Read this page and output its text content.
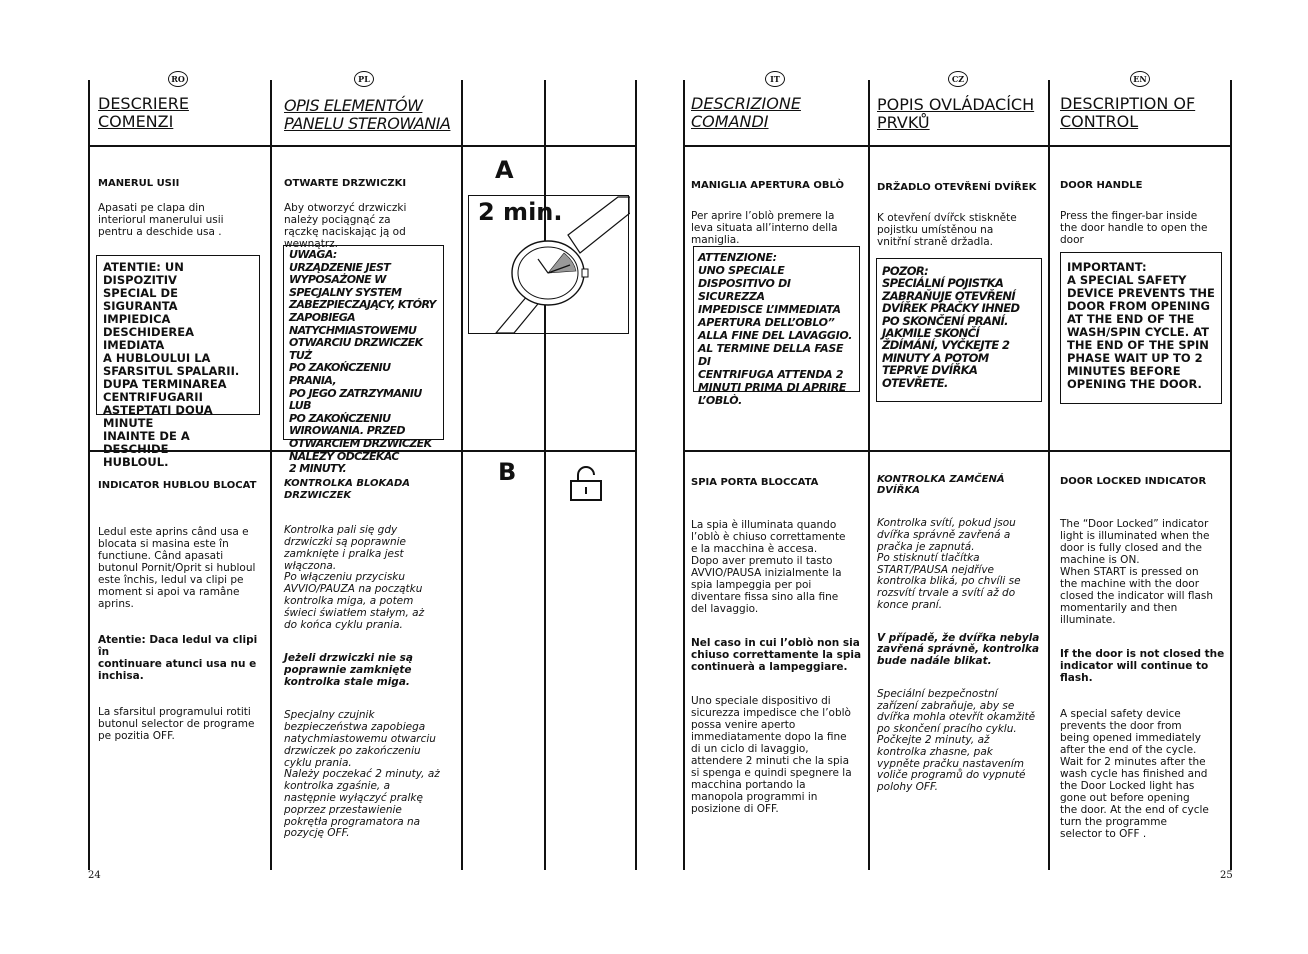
RO	PL	IT	CZ	EN
DESCRIERE
COMENZI
OPIS ELEMENTÓW
PANELU STEROWANIA
DESCRIZIONE
COMANDI
POPIS OVLÁDACÍCH
PRVKŮ
DESCRIPTION OF
CONTROL

MANERUL USII

Apasati pe clapa din
interiorul manerului usii
pentru a deschide usa .

ATENTIE: UN DISPOZITIV
SPECIAL DE SIGURANTA
IMPIEDICA
DESCHIDEREA IMEDIATA
A HUBLOULUI LA
SFARSITUL SPALARII.
DUPA TERMINAREA
CENTRIFUGARII
ASTEPTATI DOUA MINUTE
INAINTE DE A DESCHIDE
HUBLOUL.

OTWARTE DRZWICZKI

Aby otworzyć drzwiczki
należy pociągnąć za
rączkę naciskając ją od
wewnątrz.

UWAGA:
URZĄDZENIE JEST
WYPOSAŻONE W
SPECJALNY SYSTEM
ZABEZPIECZAJĄCY, KTÓRY
ZAPOBIEGA
NATYCHMIASTOWEMU
OTWARCIU DRZWICZEK TUŻ
PO ZAKOŃCZENIU PRANIA,
PO JEGO ZATRZYMANIU LUB
PO ZAKOŃCZENIU
WIROWANIA. PRZED
OTWARCIEM DRZWICZEK
NALEŻY ODCZEKAĆ
2 MINUTY.
A
2 min.

MANIGLIA APERTURA OBLÒ

Per aprire l’oblò premere la
leva situata all’interno della
maniglia.

ATTENZIONE:
UNO SPECIALE
DISPOSITIVO DI SICUREZZA
IMPEDISCE L’IMMEDIATA
APERTURA DELL’OBLO”
ALLA FINE DEL LAVAGGIO.
AL TERMINE DELLA FASE DI
CENTRIFUGA ATTENDA 2
MINUTI PRIMA DI APRIRE
L’OBLÒ.

DRŽADLO OTEVŘENÍ DVÍŘEK

K otevření dvířck stiskněte
pojistku umístěnou na
vnitřní straně držadla.

POZOR:
SPECIÁLNÍ POJISTKA
ZABRAŇUJE OTEVŘENÍ
DVÍŘEK PRAČKY IHNED
PO SKONČENÍ PRANÍ.
JAKMILE SKONČÍ
ŽDÍMÁNÍ, VYČKEJTE 2
MINUTY A POTOM
TEPRVE DVÍŘKA
OTEVŘETE.

DOOR HANDLE

Press the finger-bar inside
the door handle to open the
door

IMPORTANT:
A SPECIAL SAFETY
DEVICE PREVENTS THE
DOOR FROM OPENING
AT THE END OF THE
WASH/SPIN CYCLE. AT
THE END OF THE SPIN
PHASE WAIT UP TO 2
MINUTES BEFORE
OPENING THE DOOR.

INDICATOR HUBLOU BLOCAT

Ledul este aprins când usa e
blocata si masina este în
functiune. Când apasati
butonul Pornit/Oprit si hubloul
este închis, ledul va clipi pe
moment si apoi va ramâne
aprins.

Atentie: Daca ledul va clipi în
continuare atunci usa nu e
inchisa.

La sfarsitul programului rotiti
butonul selector de programe
pe pozitia OFF.

KONTROLKA BLOKADA
DRZWICZEK

Kontrolka pali się gdy
drzwiczki są poprawnie
zamknięte i pralka jest
włączona.
Po włączeniu przycisku
AVVIO/PAUZA na początku
kontrolka miga, a potem
świeci światłem stałym, aż
do końca cyklu prania.

Jeżeli drzwiczki nie są
poprawnie zamknięte
kontrolka stale miga.

Specjalny czujnik
bezpieczeństwa zapobiega
natychmiastowemu otwarciu
drzwiczek po zakończeniu
cyklu prania.
Należy poczekać 2 minuty, aż
kontrolka zgaśnie, a
następnie wyłączyć pralkę
poprzez przestawienie
pokrętła programatora na
pozycję OFF.

B	SPIA PORTA BLOCCATA

La spia è illuminata quando
l’oblò è chiuso correttamente
e la macchina è accesa.
Dopo aver premuto il tasto
AVVIO/PAUSA inizialmente la
spia lampeggia per poi
diventare fissa sino alla fine
del lavaggio.

Nel caso in cui l’oblò non sia
chiuso correttamente la spia
continuerà a lampeggiare.

Uno speciale dispositivo di
sicurezza impedisce che l’oblò
possa venire aperto
immediatamente dopo la fine
di un ciclo di lavaggio,
attendere 2 minuti che la spia
si spenga e quindi spegnere la
macchina portando la
manopola programmi in
posizione di OFF.

KONTROLKA ZAMČENÁ
DVÍŘKA

Kontrolka svítí, pokud jsou
dvířka správně zavřená a
pračka je zapnutá.
Po stisknutí tlačítka
START/PAUSA nejdříve
kontrolka bliká, po chvíli se
rozsvítí trvale a svítí až do
konce praní.

V případě, že dvířka nebyla
zavřená správně, kontrolka
bude nadále blikat.

Speciální bezpečnostní
zařízení zabraňuje, aby se
dvířka mohla otevřít okamžitě
po skončení pracího cyklu.
Počkejte 2 minuty, až
kontrolka zhasne, pak
vypněte pračku nastavením
voliče programů do vypnuté
polohy OFF.

DOOR LOCKED INDICATOR

The “Door Locked” indicator
light is illuminated when the
door is fully closed and the
machine is ON.
When START is pressed on
the machine with the door
closed the indicator will flash
momentarily and then
illuminate.

If the door is not closed the
indicator will continue to
flash.

A special safety device
prevents the door from
being opened immediately
after the end of the cycle.
Wait for 2 minutes after the
wash cycle has finished and
the Door Locked light has
gone out before opening
the door. At the end of cycle
turn the programme
selector to OFF .

24	25
